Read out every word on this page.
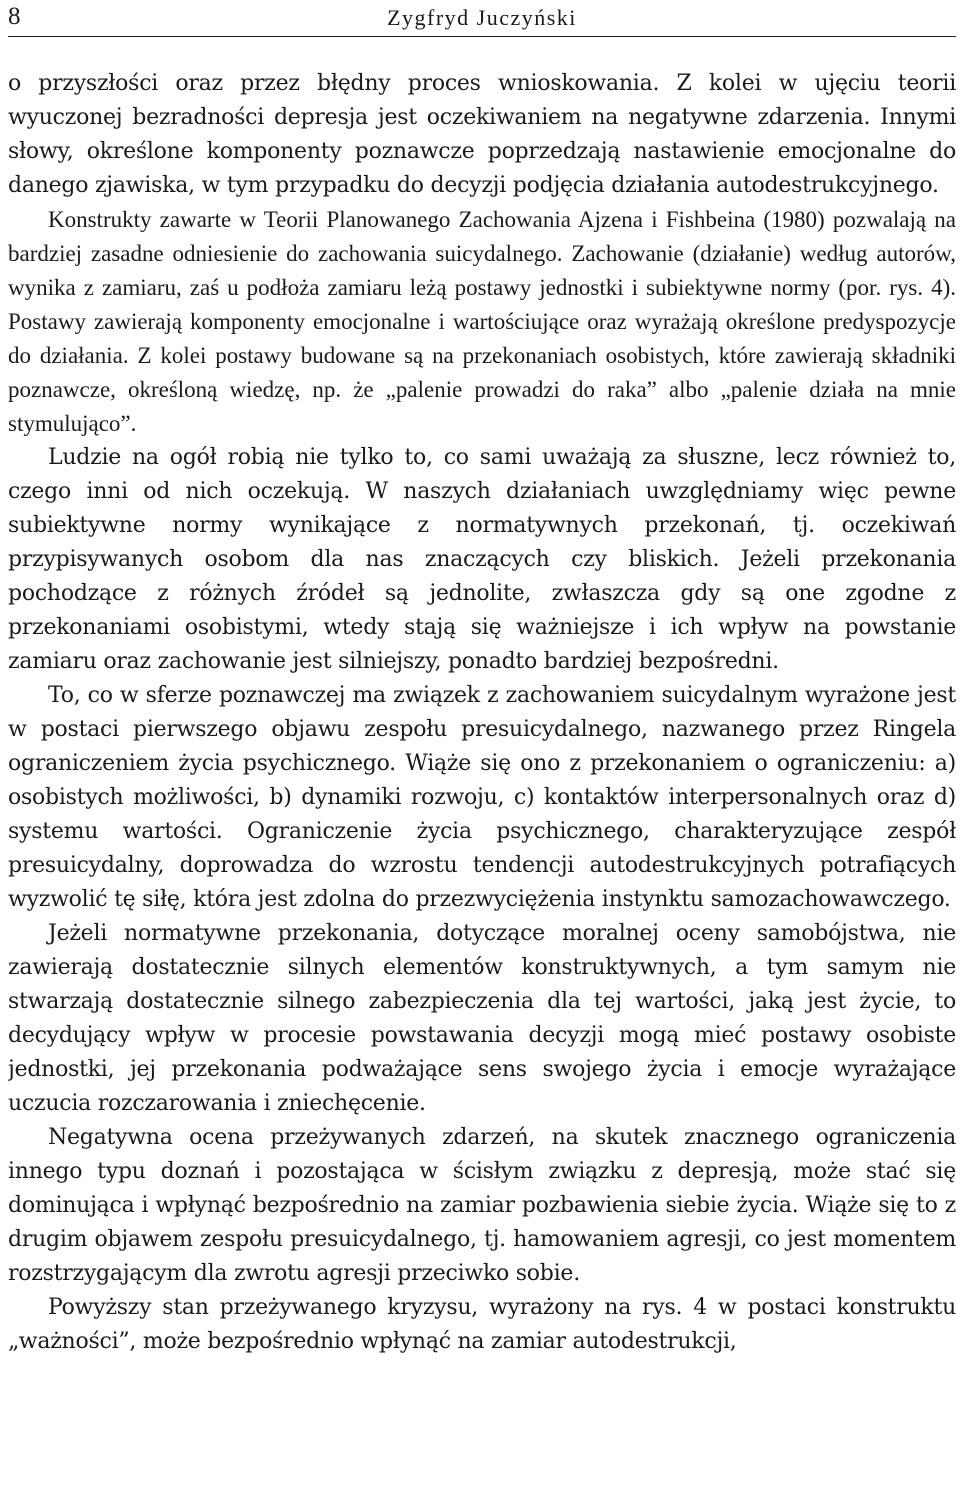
8	Zygfryd Juczyński

o przyszłości oraz przez błędny proces wnioskowania. Z kolei w ujęciu teorii wyuczonej bezradności depresja jest oczekiwaniem na negatywne zdarzenia. Innymi słowy, określone komponenty poznawcze poprzedzają nastawienie emocjonalne do danego zjawiska, w tym przypadku do decyzji podjęcia działania autodestrukcyjnego.

Konstrukty zawarte w Teorii Planowanego Zachowania Ajzena i Fishbeina (1980) pozwalają na bardziej zasadne odniesienie do zachowania suicydalnego. Zachowanie (działanie) według autorów, wynika z zamiaru, zaś u podłoża zamiaru leżą postawy jednostki i subiektywne normy (por. rys. 4). Postawy zawierają komponenty emocjonalne i wartościujące oraz wyrażają określone predyspozycje do działania. Z kolei postawy budowane są na przekonaniach osobistych, które zawierają składniki poznawcze, określoną wiedzę, np. że „palenie prowadzi do raka” albo „palenie działa na mnie stymulująco”.

Ludzie na ogół robią nie tylko to, co sami uważają za słuszne, lecz również to, czego inni od nich oczekują. W naszych działaniach uwzględniamy więc pewne subiektywne normy wynikające z normatywnych przekonań, tj. oczekiwań przypisywanych osobom dla nas znaczących czy bliskich. Jeżeli przekonania pochodzące z różnych źródeł są jednolite, zwłaszcza gdy są one zgodne z przekonaniami osobistymi, wtedy stają się ważniejsze i ich wpływ na powstanie zamiaru oraz zachowanie jest silniejszy, ponadto bardziej bezpośredni.

To, co w sferze poznawczej ma związek z zachowaniem suicydalnym wyrażone jest w postaci pierwszego objawu zespołu presuicydalnego, nazwanego przez Ringela ograniczeniem życia psychicznego. Wiąże się ono z przekonaniem o ograniczeniu: a) osobistych możliwości, b) dynamiki rozwoju, c) kontaktów interpersonalnych oraz d) systemu wartości. Ograniczenie życia psychicznego, charakteryzujące zespół presuicydalny, doprowadza do wzrostu tendencji autodestrukcyjnych potrafiących wyzwolić tę siłę, która jest zdolna do przezwyciężenia instynktu samozachowawczego.

Jeżeli normatywne przekonania, dotyczące moralnej oceny samobójstwa, nie zawierają dostatecznie silnych elementów konstruktywnych, a tym samym nie stwarzają dostatecznie silnego zabezpieczenia dla tej wartości, jaką jest życie, to decydujący wpływ w procesie powstawania decyzji mogą mieć postawy osobiste jednostki, jej przekonania podważające sens swojego życia i emocje wyrażające uczucia rozczarowania i zniechęcenie.

Negatywna ocena przeżywanych zdarzeń, na skutek znacznego ograniczenia innego typu doznań i pozostająca w ścisłym związku z depresją, może stać się dominująca i wpłynąć bezpośrednio na zamiar pozbawienia siebie życia. Wiąże się to z drugim objawem zespołu presuicydalnego, tj. hamowaniem agresji, co jest momentem rozstrzygającym dla zwrotu agresji przeciwko sobie.

Powyższy stan przeżywanego kryzysu, wyrażony na rys. 4 w postaci konstruktu „ważności”, może bezpośrednio wpłynąć na zamiar autodestrukcji,
